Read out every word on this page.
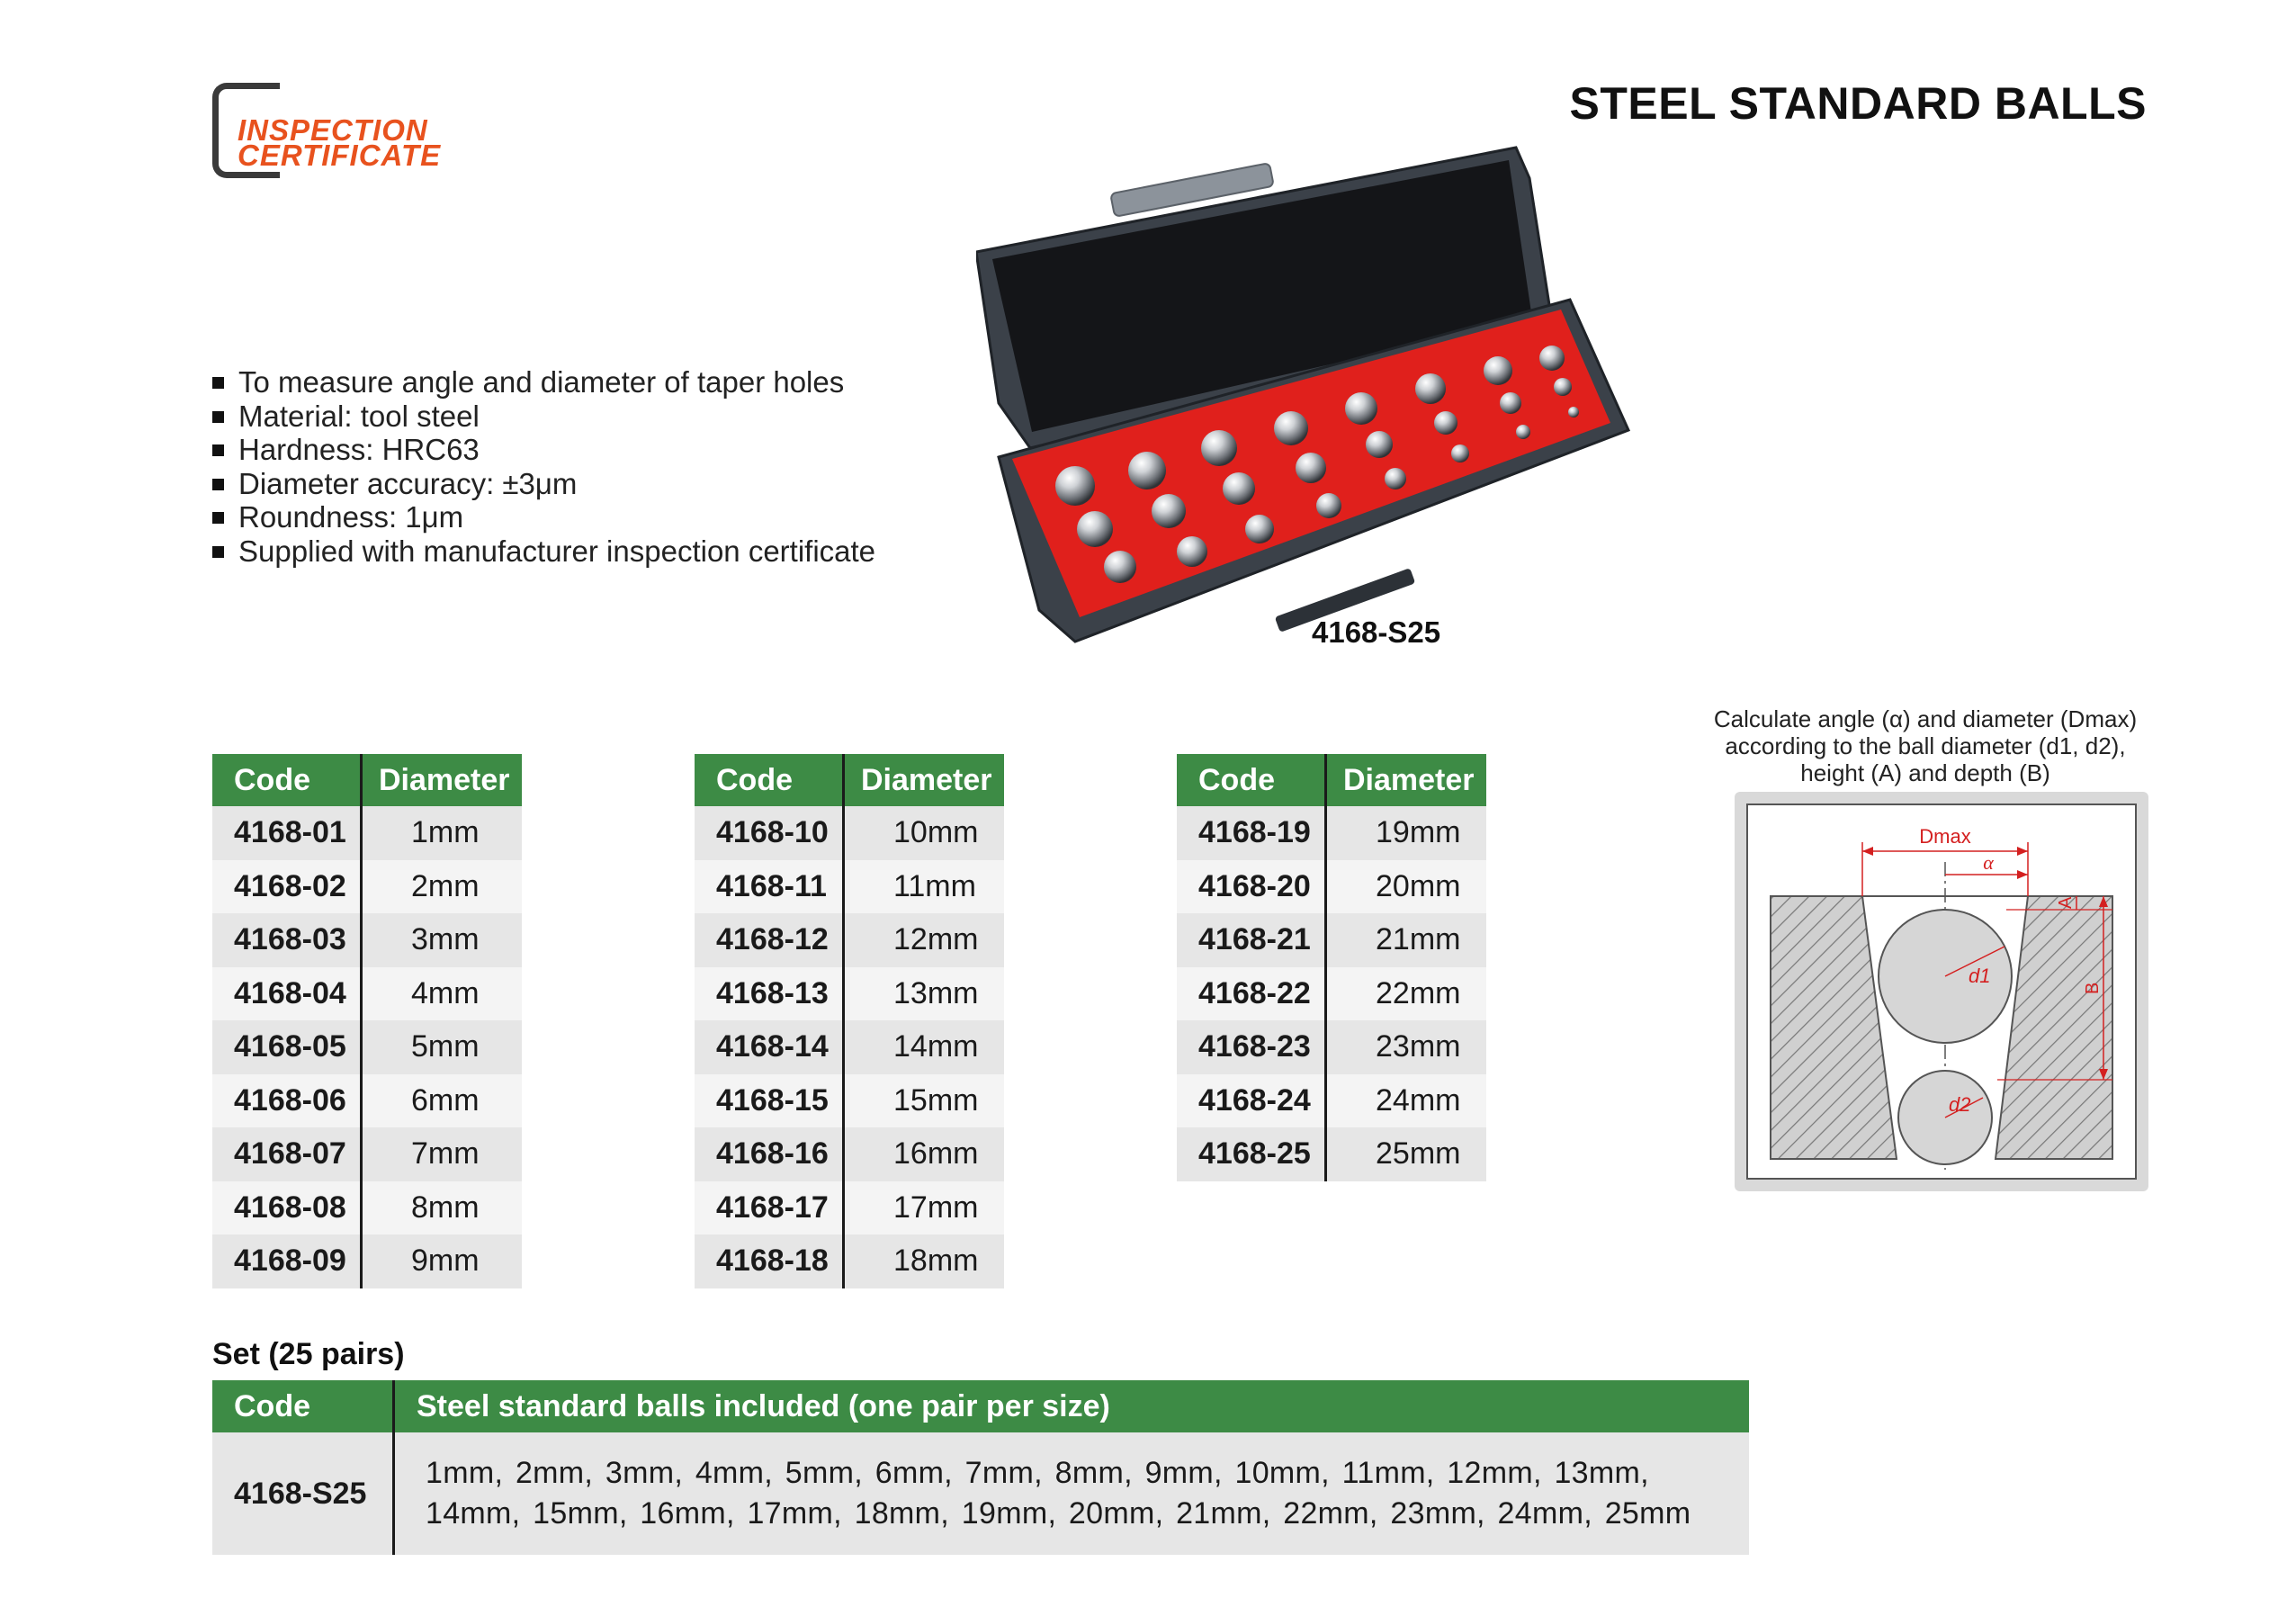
INSPECTION
CERTIFICATE
STEEL STANDARD BALLS
To measure angle and diameter of taper holes
Material: tool steel
Hardness: HRC63
Diameter accuracy: ±3μm
Roundness: 1μm
Supplied with manufacturer inspection certificate
4168-S25
Code	Diameter
4168-01	1mm
4168-02	2mm
4168-03	3mm
4168-04	4mm
4168-05	5mm
4168-06	6mm
4168-07	7mm
4168-08	8mm
4168-09	9mm
Code	Diameter
4168-10	10mm
4168-11	11mm
4168-12	12mm
4168-13	13mm
4168-14	14mm
4168-15	15mm
4168-16	16mm
4168-17	17mm
4168-18	18mm
Code	Diameter
4168-19	19mm
4168-20	20mm
4168-21	21mm
4168-22	22mm
4168-23	23mm
4168-24	24mm
4168-25	25mm
Calculate angle (α) and diameter (Dmax) according to the ball diameter (d1, d2), height (A) and depth (B)
Dmax
α
d1
d2
A
B
Set (25 pairs)
Code	Steel standard balls included (one pair per size)
4168-S25	1mm, 2mm, 3mm, 4mm, 5mm, 6mm, 7mm, 8mm, 9mm, 10mm, 11mm, 12mm, 13mm, 14mm, 15mm, 16mm, 17mm, 18mm, 19mm, 20mm, 21mm, 22mm, 23mm, 24mm, 25mm
